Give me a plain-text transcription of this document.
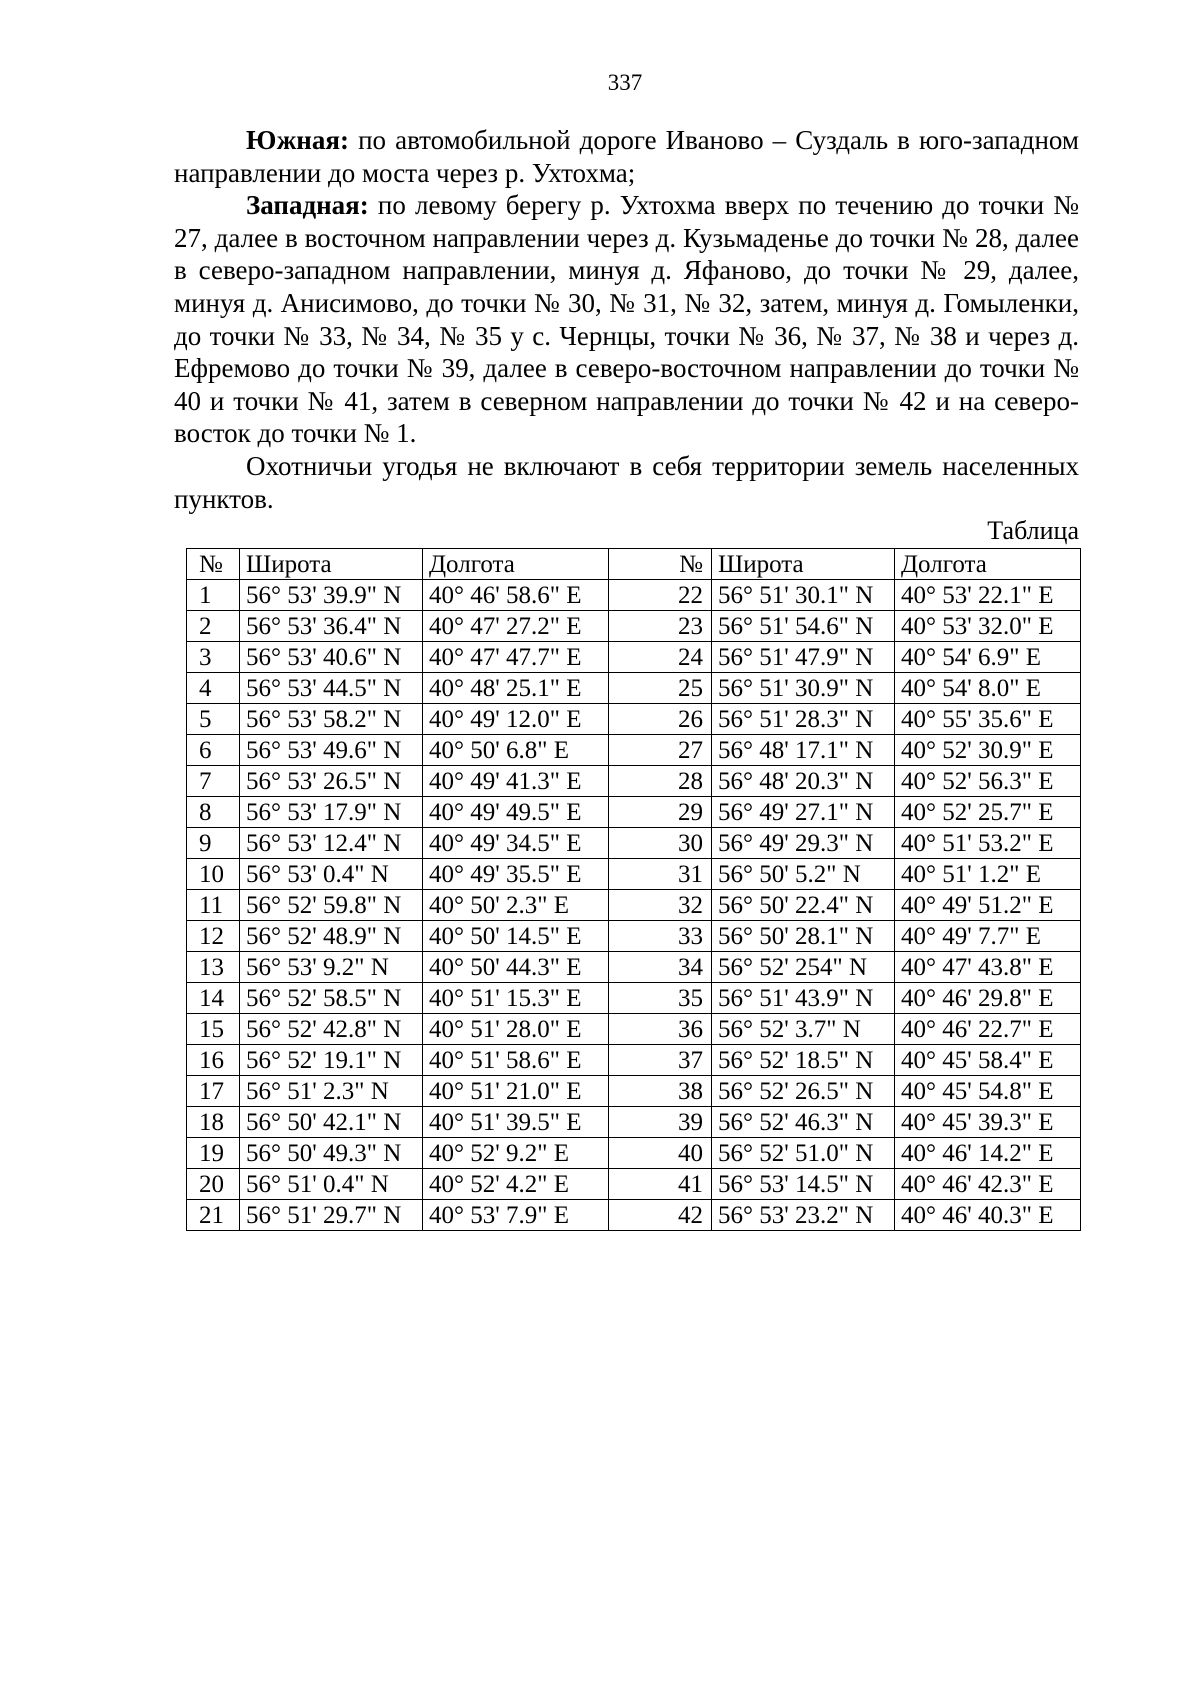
337

Южная: по автомобильной дороге Иваново – Суздаль в юго-западном направлении до моста через р. Ухтохма;

Западная: по левому берегу р. Ухтохма вверх по течению до точки № 27, далее в восточном направлении через д. Кузьмаденье до точки № 28, далее в северо-западном направлении, минуя д. Яфаново, до точки № 29, далее, минуя д. Анисимово, до точки № 30, № 31, № 32, затем, минуя д. Гомыленки, до точки № 33, № 34, № 35 у с. Чернцы, точки № 36, № 37, № 38 и через д. Ефремово до точки № 39, далее в северо-восточном направлении до точки № 40 и точки № 41, затем в северном направлении до точки № 42 и на северо-восток до точки № 1.

Охотничьи угодья не включают в себя территории земель населенных пунктов.

Таблица
№	Широта	Долгота	№	Широта	Долгота
1	56° 53' 39.9" N	40° 46' 58.6" E	22	56° 51' 30.1" N	40° 53' 22.1" E
2	56° 53' 36.4" N	40° 47' 27.2" E	23	56° 51' 54.6" N	40° 53' 32.0" E
3	56° 53' 40.6" N	40° 47' 47.7" E	24	56° 51' 47.9" N	40° 54' 6.9" E
4	56° 53' 44.5" N	40° 48' 25.1" E	25	56° 51' 30.9" N	40° 54' 8.0" E
5	56° 53' 58.2" N	40° 49' 12.0" E	26	56° 51' 28.3" N	40° 55' 35.6" E
6	56° 53' 49.6" N	40° 50' 6.8" E	27	56° 48' 17.1" N	40° 52' 30.9" E
7	56° 53' 26.5" N	40° 49' 41.3" E	28	56° 48' 20.3" N	40° 52' 56.3" E
8	56° 53' 17.9" N	40° 49' 49.5" E	29	56° 49' 27.1" N	40° 52' 25.7" E
9	56° 53' 12.4" N	40° 49' 34.5" E	30	56° 49' 29.3" N	40° 51' 53.2" E
10	56° 53' 0.4" N	40° 49' 35.5" E	31	56° 50' 5.2" N	40° 51' 1.2" E
11	56° 52' 59.8" N	40° 50' 2.3" E	32	56° 50' 22.4" N	40° 49' 51.2" E
12	56° 52' 48.9" N	40° 50' 14.5" E	33	56° 50' 28.1" N	40° 49' 7.7" E
13	56° 53' 9.2" N	40° 50' 44.3" E	34	56° 52' 254" N	40° 47' 43.8" E
14	56° 52' 58.5" N	40° 51' 15.3" E	35	56° 51' 43.9" N	40° 46' 29.8" E
15	56° 52' 42.8" N	40° 51' 28.0" E	36	56° 52' 3.7" N	40° 46' 22.7" E
16	56° 52' 19.1" N	40° 51' 58.6" E	37	56° 52' 18.5" N	40° 45' 58.4" E
17	56° 51' 2.3" N	40° 51' 21.0" E	38	56° 52' 26.5" N	40° 45' 54.8" E
18	56° 50' 42.1" N	40° 51' 39.5" E	39	56° 52' 46.3" N	40° 45' 39.3" E
19	56° 50' 49.3" N	40° 52' 9.2" E	40	56° 52' 51.0" N	40° 46' 14.2" E
20	56° 51' 0.4" N	40° 52' 4.2" E	41	56° 53' 14.5" N	40° 46' 42.3" E
21	56° 51' 29.7" N	40° 53' 7.9" E	42	56° 53' 23.2" N	40° 46' 40.3" E
